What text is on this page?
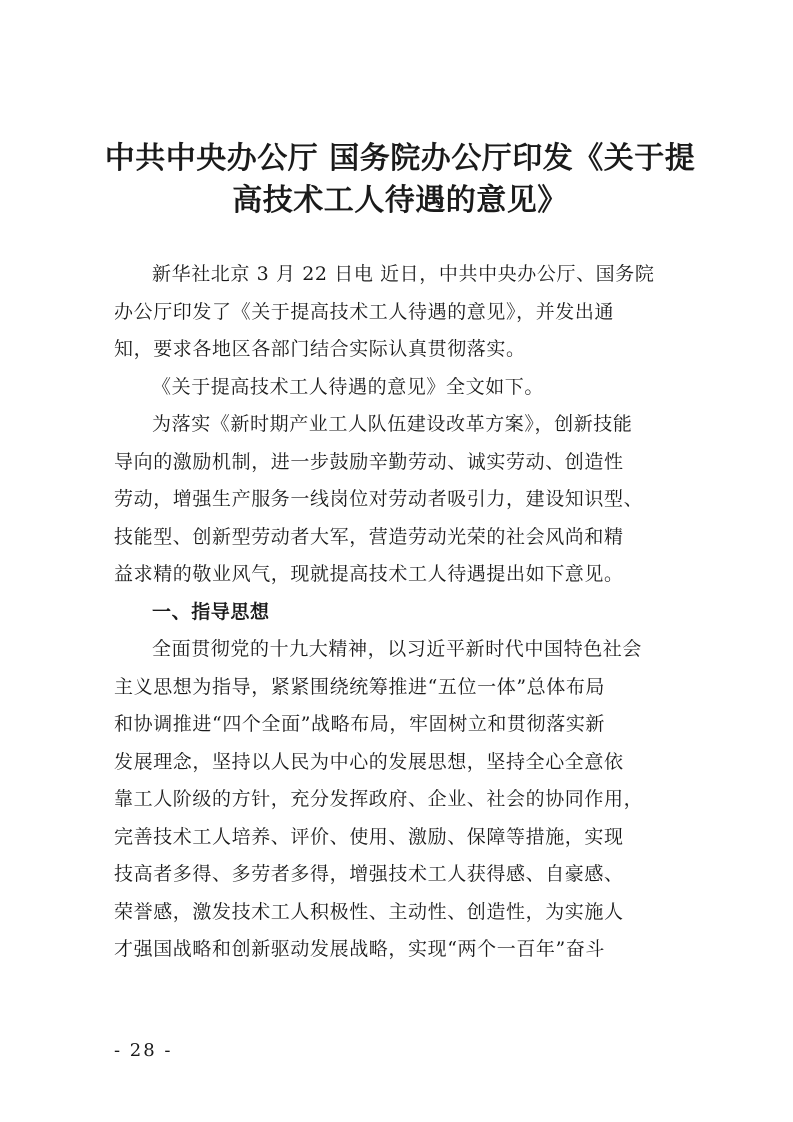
中共中央办公厅 国务院办公厅印发《关于提
高技术工人待遇的意见》
新华社北京 3 月 22 日电 近日，中共中央办公厅、国务院
办公厅印发了《关于提高技术工人待遇的意见》，并发出通
知，要求各地区各部门结合实际认真贯彻落实。
《关于提高技术工人待遇的意见》全文如下。
为落实《新时期产业工人队伍建设改革方案》，创新技能
导向的激励机制，进一步鼓励辛勤劳动、诚实劳动、创造性
劳动，增强生产服务一线岗位对劳动者吸引力，建设知识型、
技能型、创新型劳动者大军，营造劳动光荣的社会风尚和精
益求精的敬业风气，现就提高技术工人待遇提出如下意见。
一、指导思想
全面贯彻党的十九大精神，以习近平新时代中国特色社会
主义思想为指导，紧紧围绕统筹推进“五位一体”总体布局
和协调推进“四个全面”战略布局，牢固树立和贯彻落实新
发展理念，坚持以人民为中心的发展思想，坚持全心全意依
靠工人阶级的方针，充分发挥政府、企业、社会的协同作用，
完善技术工人培养、评价、使用、激励、保障等措施，实现
技高者多得、多劳者多得，增强技术工人获得感、自豪感、
荣誉感，激发技术工人积极性、主动性、创造性，为实施人
才强国战略和创新驱动发展战略，实现“两个一百年”奋斗
- 28 -
